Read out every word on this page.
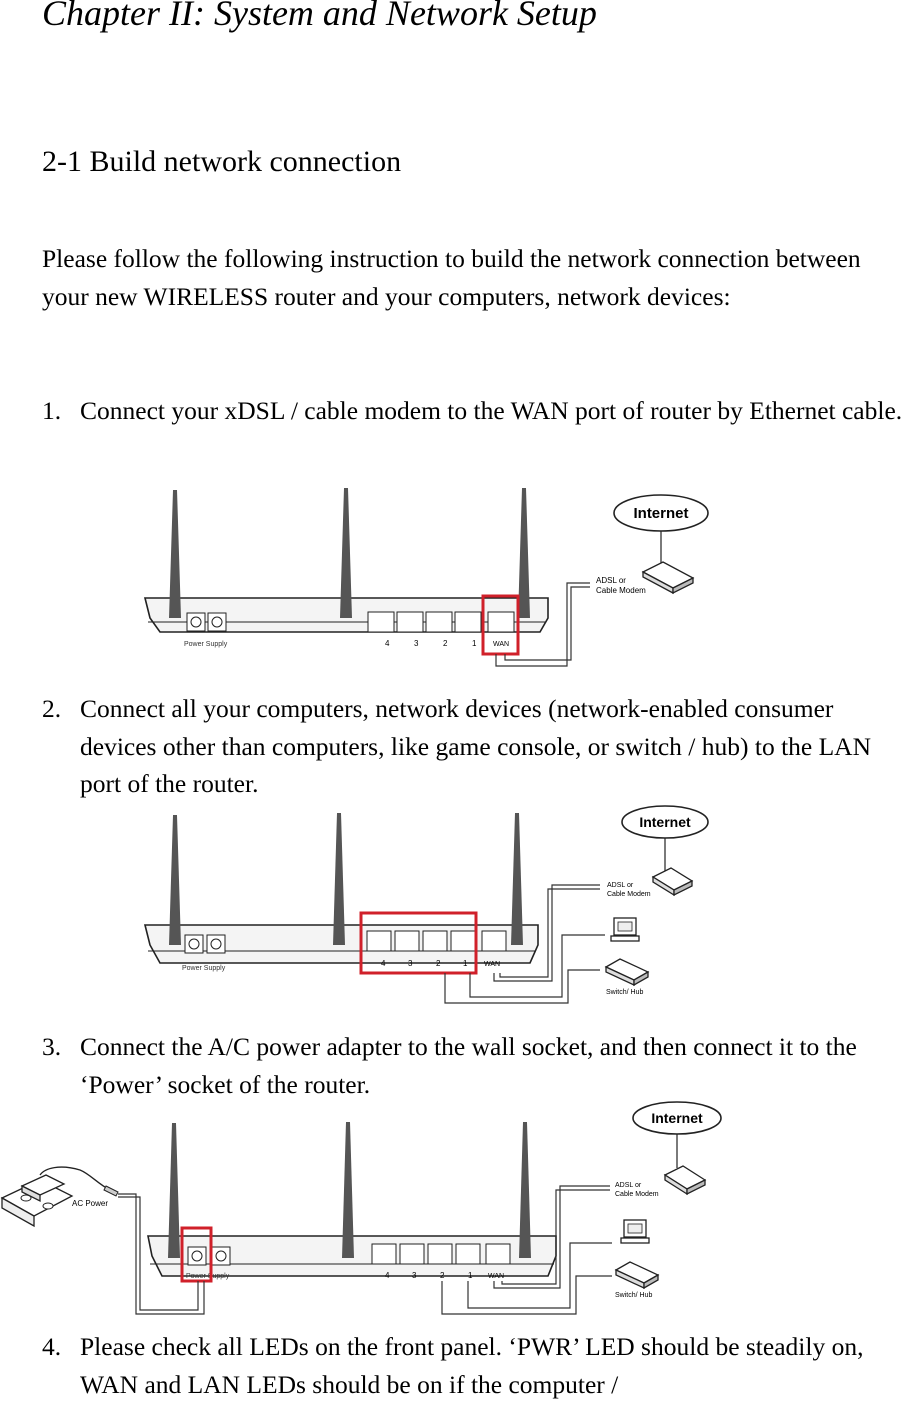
Chapter II: System and Network Setup
2-1 Build network connection
Please follow the following instruction to build the network connection between your new WIRELESS router and your computers, network devices:
1. Connect your xDSL / cable modem to the WAN port of router by Ethernet cable.
Power Supply	4	3	2	1 WAN
Internet
ADSL or
Cable Modem
2. Connect all your computers, network devices (network-enabled consumer devices other than computers, like game console, or switch / hub) to the LAN port of the router.
Power Supply
4	3	2	1 WAN
Internet
ADSL or
Cable Modem
Switch/ Hub
3. Connect the A/C power adapter to the wall socket, and then connect it to the ‘Power’ socket of the router.
AC Power
Power Supply	4	3	2	1 WAN
Internet
ADSL or
Cable Modem
Switch/ Hub
4. Please check all LEDs on the front panel. ‘PWR’ LED should be steadily on, WAN and LAN LEDs should be on if the computer /
